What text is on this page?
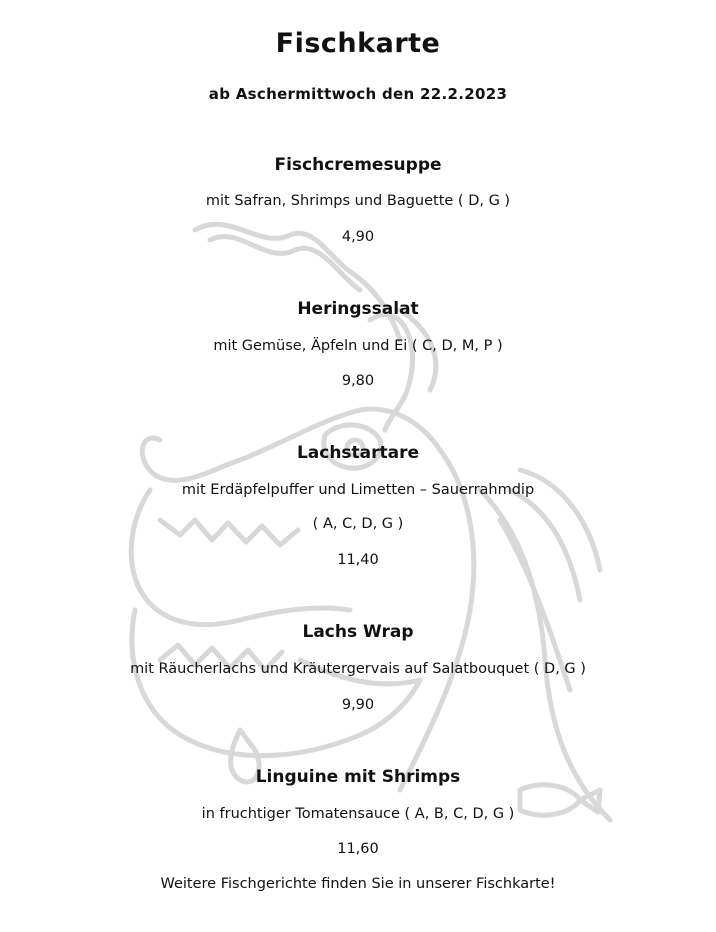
Fischkarte
ab Aschermittwoch den 22.2.2023
Fischcremesuppe
mit Safran, Shrimps und Baguette ( D, G )
4,90
Heringssalat
mit Gemüse, Äpfeln und Ei ( C, D, M, P )
9,80
Lachstartare
mit Erdäpfelpuffer und Limetten – Sauerrahmdip
( A, C, D, G )
11,40
Lachs Wrap
mit Räucherlachs und Kräutergervais auf Salatbouquet ( D, G )
9,90
Linguine mit Shrimps
in fruchtiger Tomatensauce ( A, B, C, D, G )
11,60
Weitere Fischgerichte finden Sie in unserer Fischkarte!
